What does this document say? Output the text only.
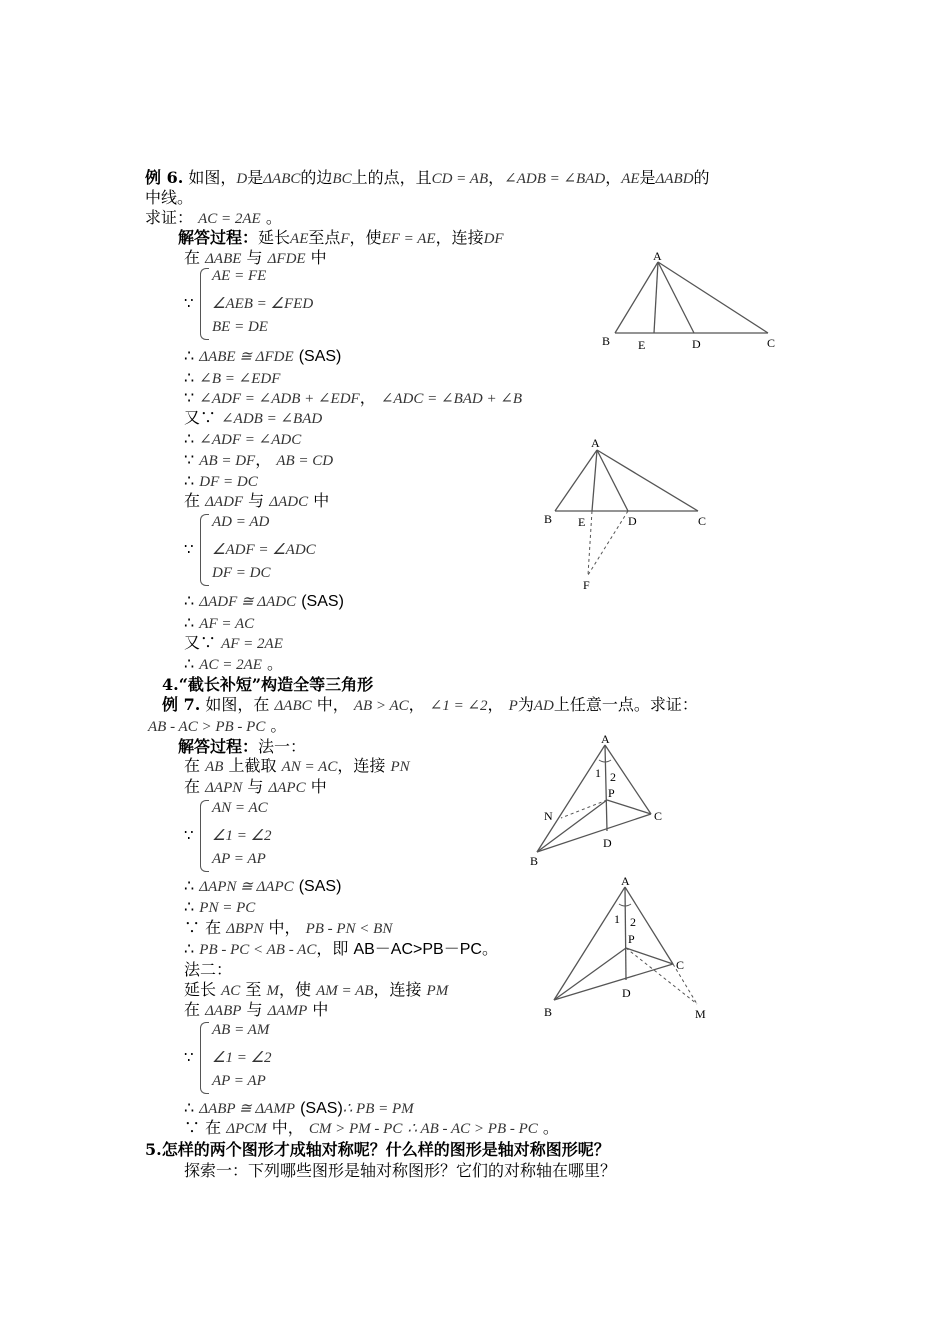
例 6. 如图，D是ΔABC的边BC上的点，且CD = AB，∠ADB = ∠BAD，AE是ΔABD的
中线。
求证： AC = 2AE 。
解答过程：延长AE至点F，使EF = AE，连接DF
在 ΔABE 与 ΔFDE 中
∵
AE = FE
∠AEB = ∠FED
BE = DE
∴ ΔABE ≅ ΔFDE (SAS)
∴ ∠B = ∠EDF
∵ ∠ADF = ∠ADB + ∠EDF， ∠ADC = ∠BAD + ∠B
又∵ ∠ADB = ∠BAD
∴ ∠ADF = ∠ADC
∵ AB = DF， AB = CD
∴ DF = DC
在 ΔADF 与 ΔADC 中
∵
AD = AD
∠ADF = ∠ADC
DF = DC
∴ ΔADF ≅ ΔADC (SAS)
∴ AF = AC
又∵ AF = 2AE
∴ AC = 2AE 。
4.“截长补短”构造全等三角形
例 7. 如图，在 ΔABC 中， AB > AC， ∠1 = ∠2， P为AD上任意一点。求证：
AB - AC > PB - PC 。
解答过程：法一：
在 AB 上截取 AN = AC，连接 PN
在 ΔAPN 与 ΔAPC 中
∵
AN = AC
∠1 = ∠2
AP = AP
∴ ΔAPN ≅ ΔAPC (SAS)
∴ PN = PC
∵ 在 ΔBPN 中， PB - PN < BN
∴ PB - PC < AB - AC，即 AB－AC>PB－PC。
法二：
延长 AC 至 M，使 AM = AB，连接 PM
在 ΔABP 与 ΔAMP 中
∵
AB = AM
∠1 = ∠2
AP = AP
∴ ΔABP ≅ ΔAMP (SAS)∴ PB = PM
∵ 在 ΔPCM 中， CM > PM - PC ∴ AB - AC > PB - PC 。
5.怎样的两个图形才成轴对称呢？什么样的图形是轴对称图形呢？
探索一：下列哪些图形是轴对称图形？它们的对称轴在哪里？
A
B E	D	C
A
B E	D	C
F
A
1 2
P
N	C
D
B
A
1 2
P
C
D
B	M
